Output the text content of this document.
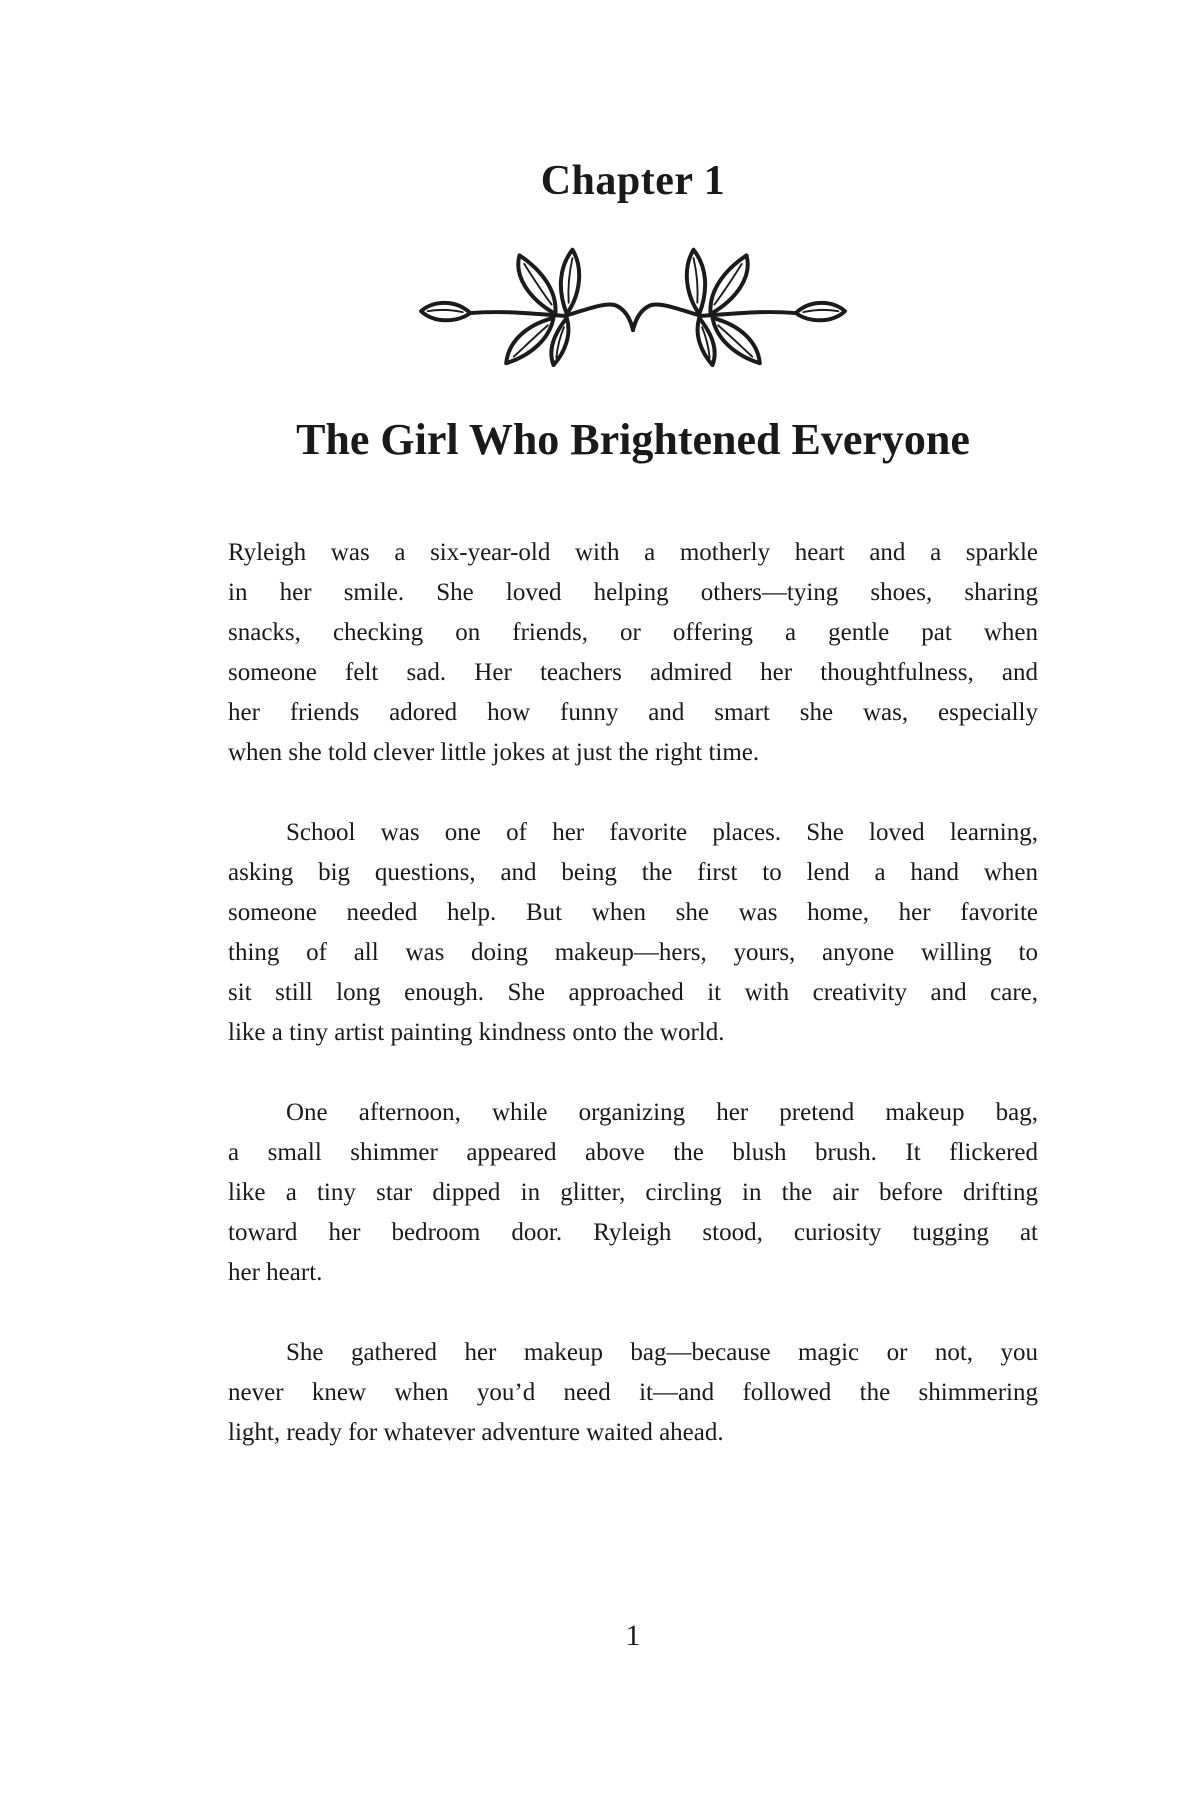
Chapter 1
The Girl Who Brightened Everyone

Ryleigh was a six-year-old with a motherly heart and a sparkle
in her smile. She loved helping others—tying shoes, sharing
snacks, checking on friends, or offering a gentle pat when
someone felt sad. Her teachers admired her thoughtfulness, and
her friends adored how funny and smart she was, especially
when she told clever little jokes at just the right time.

School was one of her favorite places. She loved learning,
asking big questions, and being the first to lend a hand when
someone needed help. But when she was home, her favorite
thing of all was doing makeup—hers, yours, anyone willing to
sit still long enough. She approached it with creativity and care,
like a tiny artist painting kindness onto the world.

One afternoon, while organizing her pretend makeup bag,
a small shimmer appeared above the blush brush. It flickered
like a tiny star dipped in glitter, circling in the air before drifting
toward her bedroom door. Ryleigh stood, curiosity tugging at
her heart.

She gathered her makeup bag—because magic or not, you
never knew when you’d need it—and followed the shimmering
light, ready for whatever adventure waited ahead.

1
